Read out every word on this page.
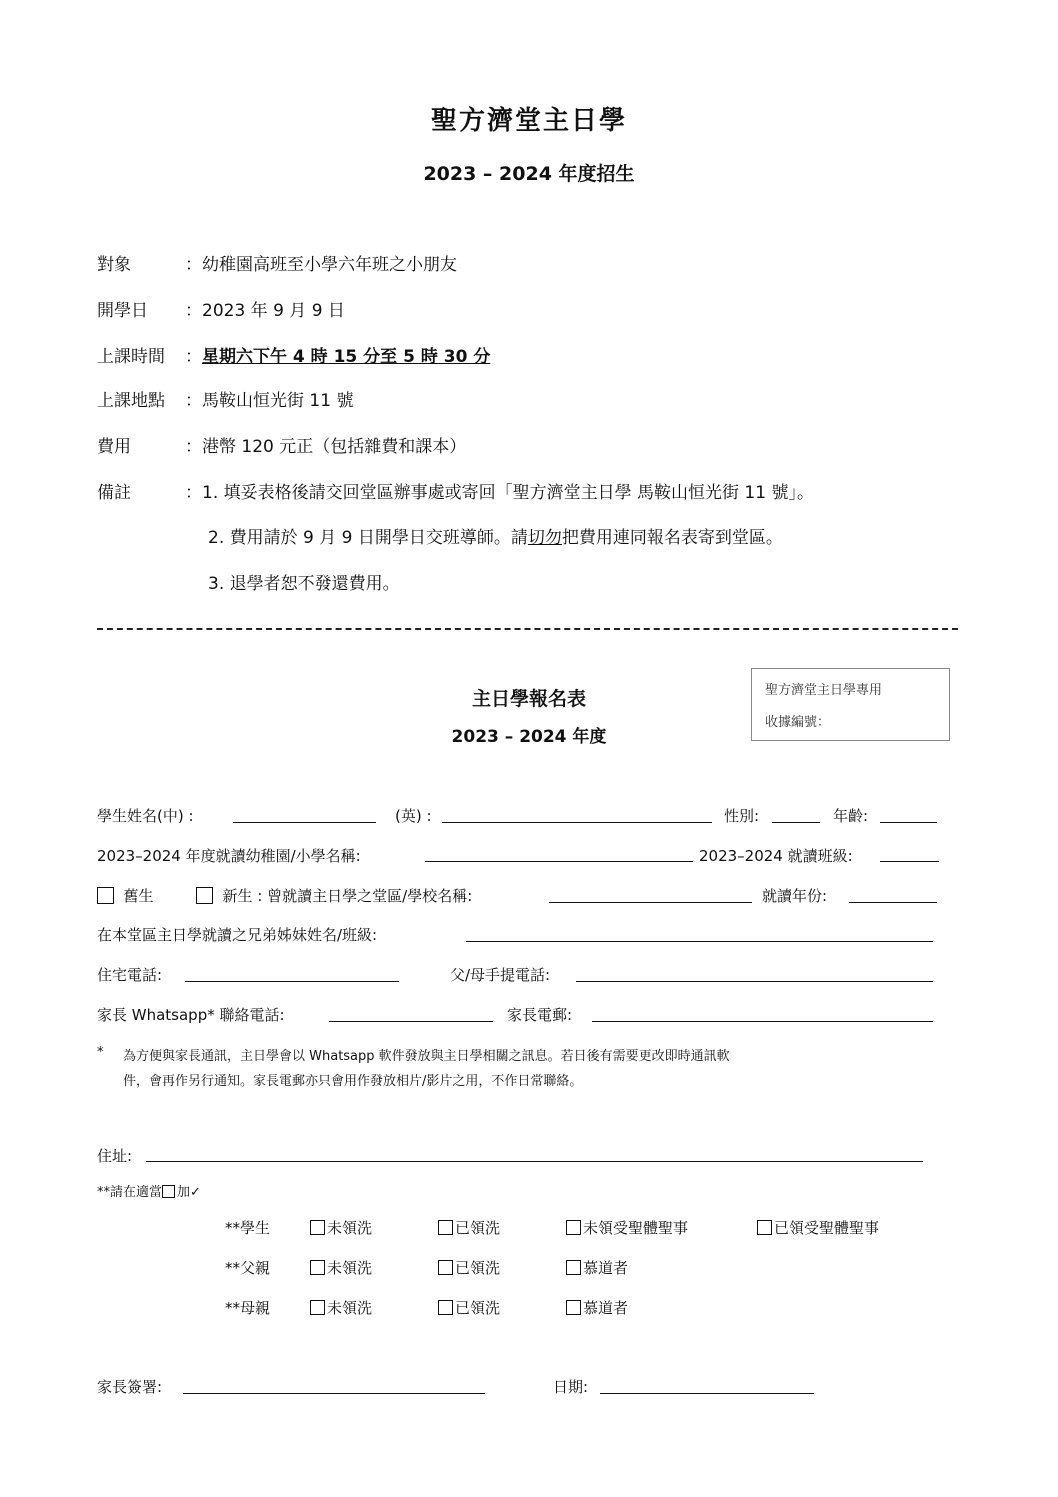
聖方濟堂主日學
2023 – 2024 年度招生
對象	：幼稚園高班至小學六年班之小朋友
開學日 ：2023 年 9 月 9 日
上課時間 ：星期六下午 4 時 15 分至 5 時 30 分
上課地點 ：馬鞍山恒光街 11 號
費用	：港幣 120 元正（包括雜費和課本）
備註	：1. 填妥表格後請交回堂區辦事處或寄回「聖方濟堂主日學 馬鞍山恒光街 11 號」。
2. 費用請於 9 月 9 日開學日交班導師。請切勿把費用連同報名表寄到堂區。
3. 退學者恕不發還費用。
聖方濟堂主日學專用
收據編號：
主日學報名表
2023 – 2024 年度
學生姓名(中) :	(英) :	性別:	年齡:
2023–2024 年度就讀幼稚園/小學名稱:	2023–2024 就讀班級:
舊生	新生 : 曾就讀主日學之堂區/學校名稱:	就讀年份:
在本堂區主日學就讀之兄弟姊妹姓名/班級:
住宅電話:	父/母手提電話:
家長 Whatsapp* 聯絡電話:	家長電郵:
* 為方便與家長通訊，主日學會以 Whatsapp 軟件發放與主日學相關之訊息。若日後有需要更改即時通訊軟
件，會再作另行通知。家長電郵亦只會用作發放相片/影片之用，不作日常聯絡。
住址:
**請在適當 加✓
**學生	未領洗	已領洗	未領受聖體聖事	已領受聖體聖事
**父親	未領洗	已領洗	慕道者
**母親	未領洗	已領洗	慕道者
家長簽署:	日期:
